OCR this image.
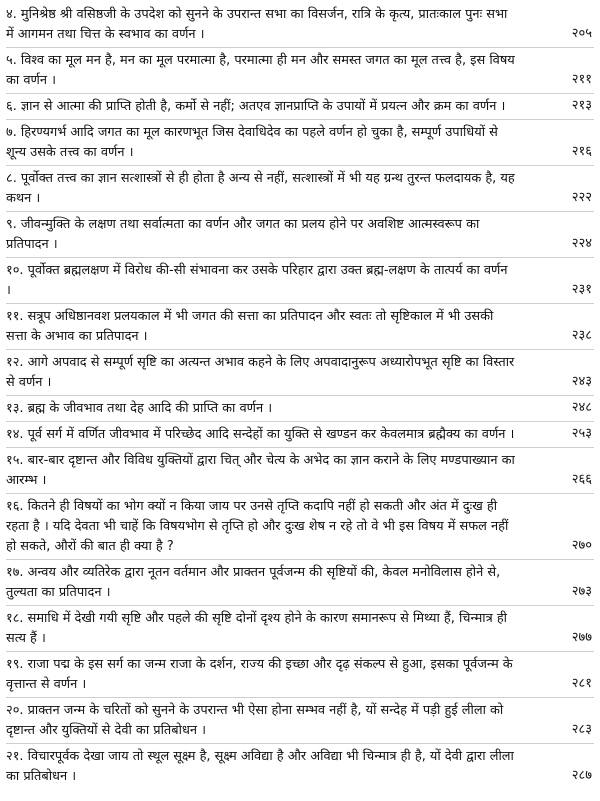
४. मुनिश्रेष्ठ श्री वसिष्ठजी के उपदेश को सुनने के उपरान्त सभा का विसर्जन, रात्रि के कृत्य, प्रातःकाल पुनः सभा में आगमन तथा चित्त के स्वभाव का वर्णन ।	२०५
५. विश्व का मूल मन है, मन का मूल परमात्मा है, परमात्मा ही मन और समस्त जगत का मूल तत्त्व है, इस विषय का वर्णन ।	२११
६. ज्ञान से आत्मा की प्राप्ति होती है, कर्मो से नहीं; अतएव ज्ञानप्राप्ति के उपायों में प्रयत्न और क्रम का वर्णन ।	२१३
७. हिरण्यगर्भ आदि जगत का मूल कारणभूत जिस देवाधिदेव का पहले वर्णन हो चुका है, सम्पूर्ण उपाधियों से शून्य उसके तत्त्व का वर्णन ।	२१६
८. पूर्वोक्त तत्त्व का ज्ञान सत्शास्त्रों से ही होता है अन्य से नहीं, सत्शास्त्रों में भी यह ग्रन्थ तुरन्त फलदायक है, यह कथन ।	२२२
९. जीवन्मुक्ति के लक्षण तथा सर्वात्मता का वर्णन और जगत का प्रलय होने पर अवशिष्ट आत्मस्वरूप का प्रतिपादन ।	२२४
१०. पूर्वोक्त ब्रह्मलक्षण में विरोध की-सी संभावना कर उसके परिहार द्वारा उक्त ब्रह्म-लक्षण के तात्पर्य का वर्णन ।	२३१
११. सत्रूप अधिष्ठानवश प्रलयकाल में भी जगत की सत्ता का प्रतिपादन और स्वतः तो सृष्टिकाल में भी उसकी सत्ता के अभाव का प्रतिपादन ।	२३८
१२. आगे अपवाद से सम्पूर्ण सृष्टि का अत्यन्त अभाव कहने के लिए अपवादानुरूप अध्यारोपभूत सृष्टि का विस्तार से वर्णन ।	२४३
१३. ब्रह्म के जीवभाव तथा देह आदि की प्राप्ति का वर्णन ।	२४८
१४. पूर्व सर्ग में वर्णित जीवभाव में परिच्छेद आदि सन्देहों का युक्ति से खण्डन कर केवलमात्र ब्रह्मैक्य का वर्णन ।	२५३
१५. बार-बार दृष्टान्त और विविध युक्तियों द्वारा चित् और चेत्य के अभेद का ज्ञान कराने के लिए मण्डपाख्यान का आरम्भ ।	२६६
१६. कितने ही विषयों का भोग क्यों न किया जाय पर उनसे तृप्ति कदापि नहीं हो सकती और अंत में दुःख ही रहता है । यदि देवता भी चाहें कि विषयभोग से तृप्ति हो और दुःख शेष न रहे तो वे भी इस विषय में सफल नहीं हो सकते, औरों की बात ही क्या है ?	२७०
१७. अन्वय और व्यतिरेक द्वारा नूतन वर्तमान और प्राक्तन पूर्वजन्म की सृष्टियों की, केवल मनोविलास होने से, तुल्यता का प्रतिपादन ।	२७३
१८. समाधि में देखी गयी सृष्टि और पहले की सृष्टि दोनों दृश्य होने के कारण समानरूप से मिथ्या हैं, चिन्मात्र ही सत्य हैं ।	२७७
१९. राजा पद्म के इस सर्ग का जन्म राजा के दर्शन, राज्य की इच्छा और दृढ़ संकल्प से हुआ, इसका पूर्वजन्म के वृत्तान्त से वर्णन ।	२८१
२०. प्राक्तन जन्म के चरितों को सुनने के उपरान्त भी ऐसा होना सम्भव नहीं है, यों सन्देह में पड़ी हुई लीला को दृष्टान्त और युक्तियों से देवी का प्रतिबोधन ।	२८३
२१. विचारपूर्वक देखा जाय तो स्थूल सूक्ष्म है, सूक्ष्म अविद्या है और अविद्या भी चिन्मात्र ही है, यों देवी द्वारा लीला का प्रतिबोधन ।	२८७
